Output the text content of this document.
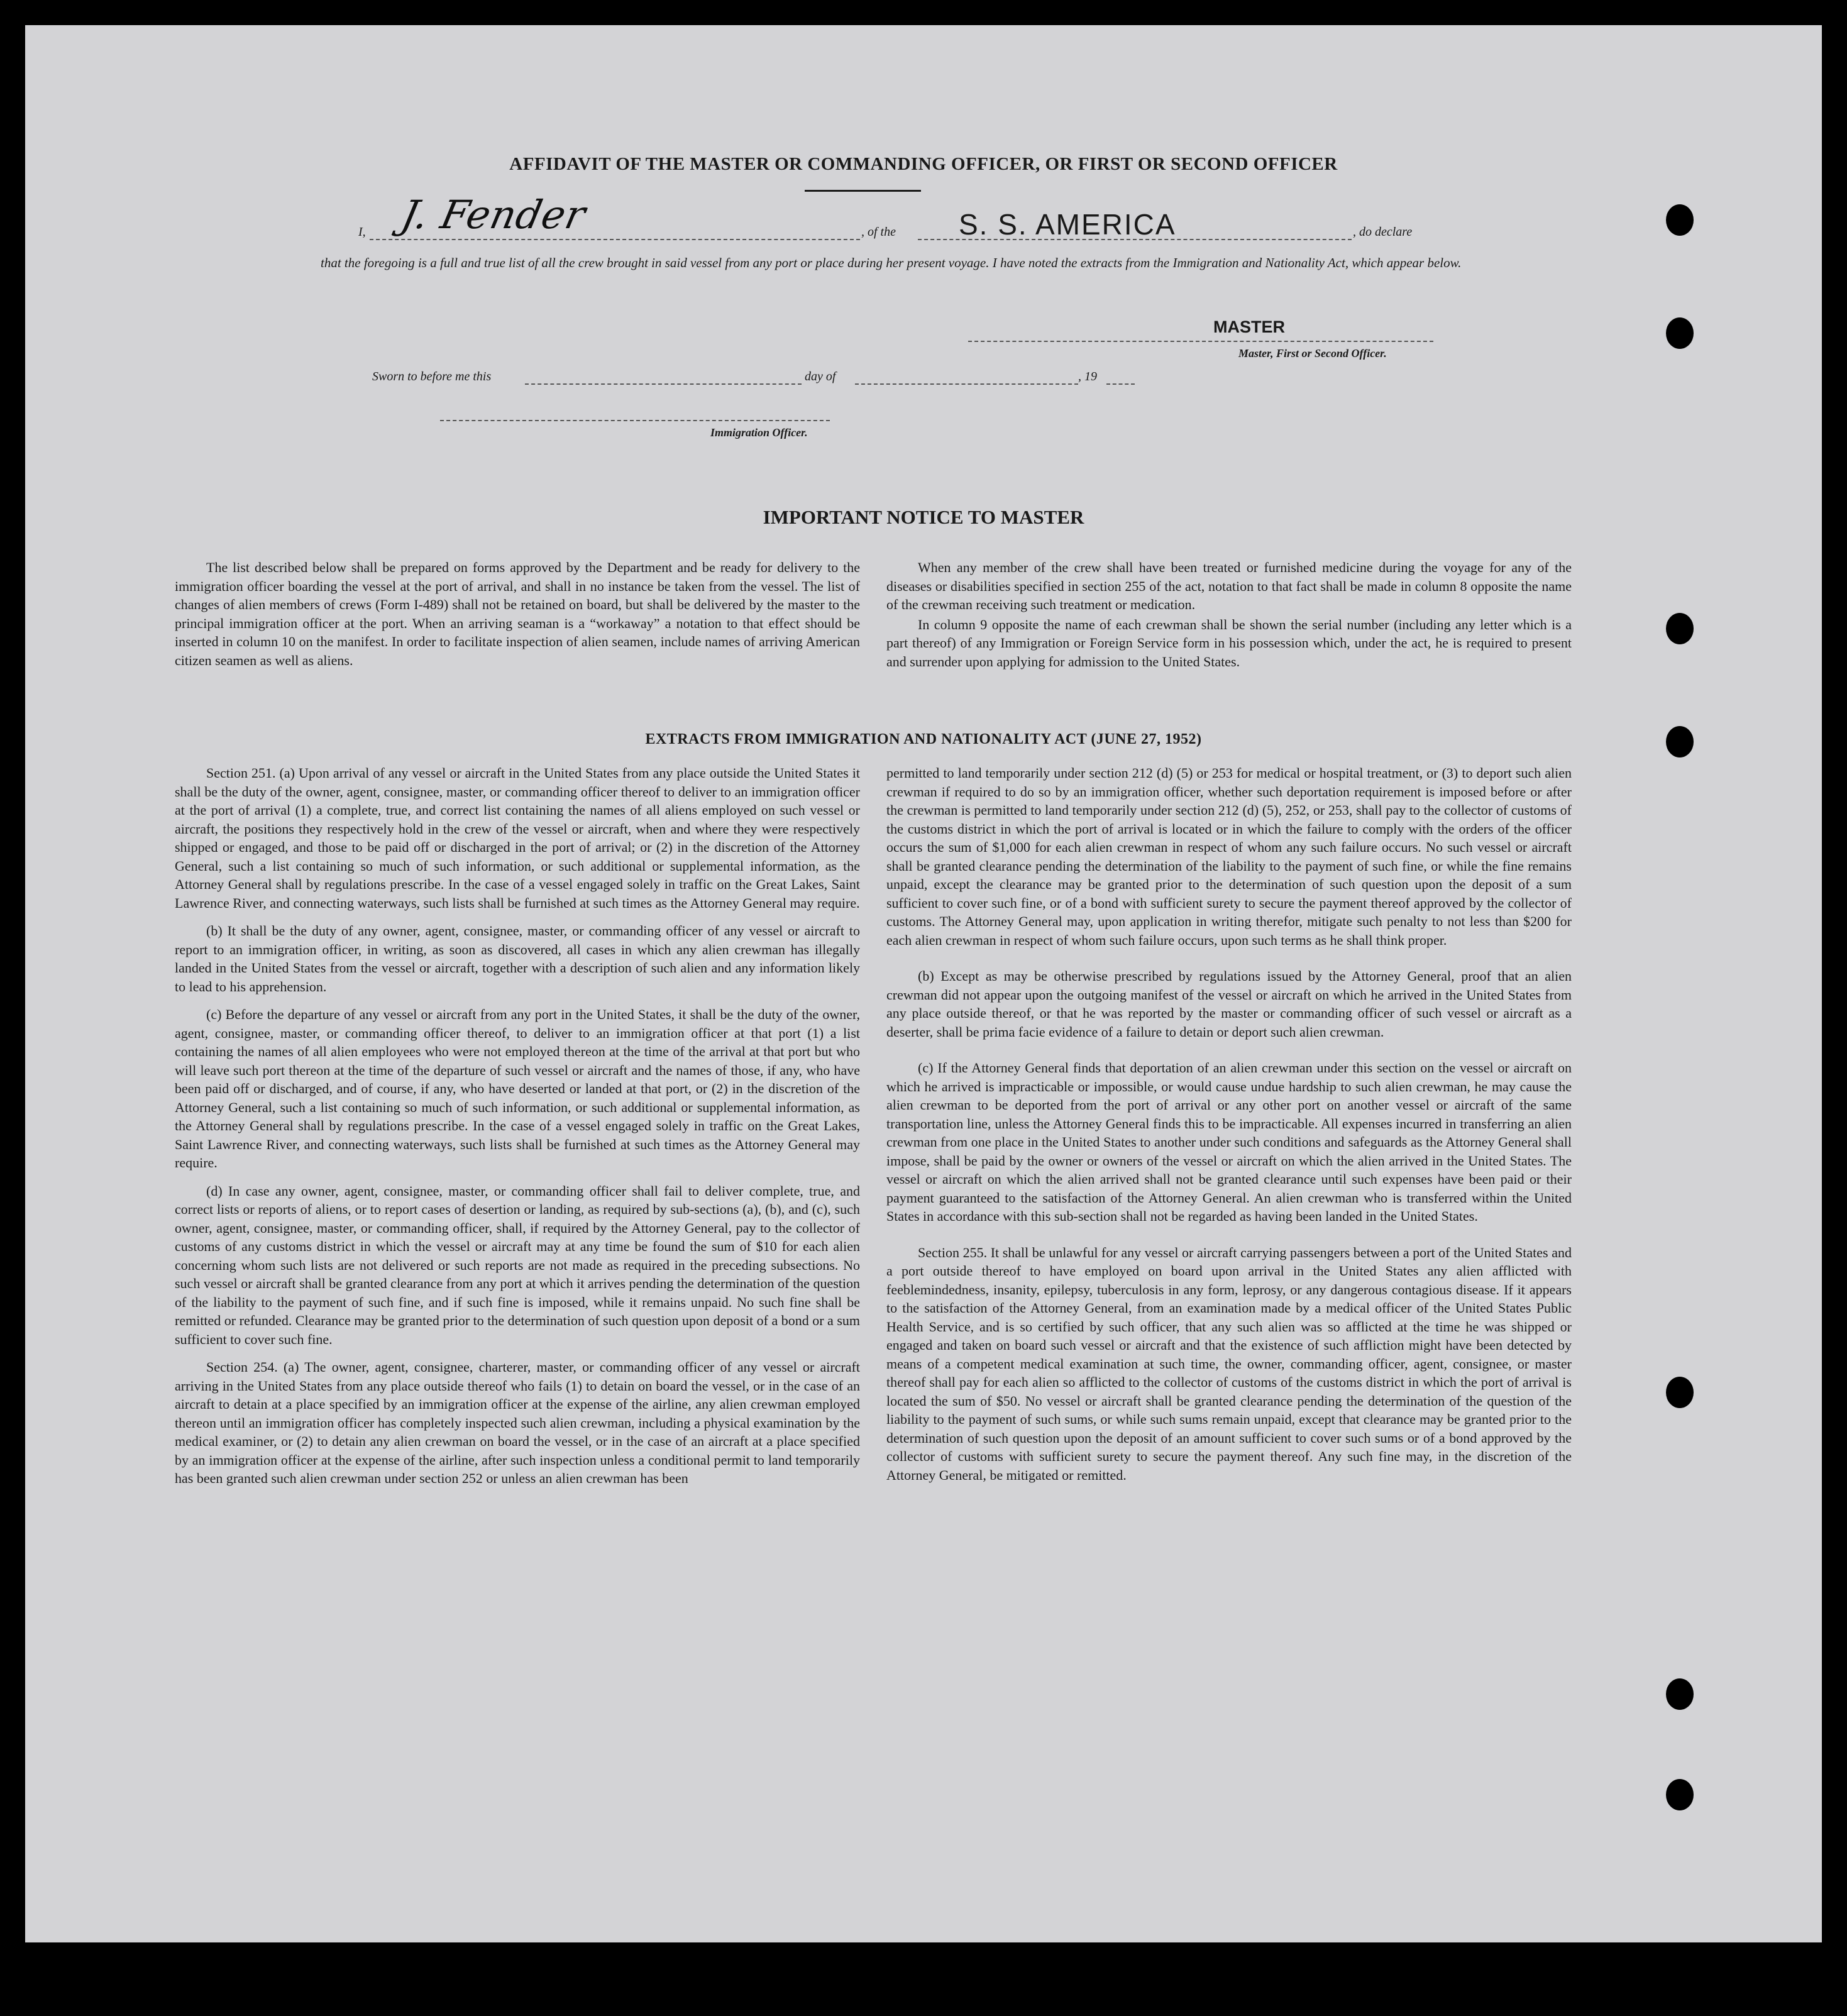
AFFIDAVIT OF THE MASTER OR COMMANDING OFFICER, OR FIRST OR SECOND OFFICER
I, J. Fender	, of the S. S. AMERICA	, do declare
that the foregoing is a full and true list of all the crew brought in said vessel from any port or place during her present voyage. I have noted the extracts from the Immigration and Nationality Act, which appear below.
MASTER
Master, First or Second Officer.
Sworn to before me this	day of	, 19
Immigration Officer.
IMPORTANT NOTICE TO MASTER

The list described below shall be prepared on forms approved by the Department and be ready for delivery to the immigration officer boarding the vessel at the port of arrival, and shall in no instance be taken from the vessel. The list of changes of alien members of crews (Form I-489) shall not be retained on board, but shall be delivered by the master to the principal immigration officer at the port. When an arriving seaman is a “workaway” a notation to that effect should be inserted in column 10 on the manifest. In order to facilitate inspection of alien seamen, include names of arriving American citizen seamen as well as aliens.

When any member of the crew shall have been treated or furnished medicine during the voyage for any of the diseases or disabilities specified in section 255 of the act, notation to that fact shall be made in column 8 opposite the name of the crewman receiving such treatment or medication.

In column 9 opposite the name of each crewman shall be shown the serial number (including any letter which is a part thereof) of any Immigration or Foreign Service form in his possession which, under the act, he is required to present and surrender upon applying for admission to the United States.

EXTRACTS FROM IMMIGRATION AND NATIONALITY ACT (JUNE 27, 1952)

Section 251. (a) Upon arrival of any vessel or aircraft in the United States from any place outside the United States it shall be the duty of the owner, agent, consignee, master, or commanding officer thereof to deliver to an immigration officer at the port of arrival (1) a complete, true, and correct list containing the names of all aliens employed on such vessel or aircraft, the positions they respectively hold in the crew of the vessel or aircraft, when and where they were respectively shipped or engaged, and those to be paid off or discharged in the port of arrival; or (2) in the discretion of the Attorney General, such a list containing so much of such information, or such additional or supplemental information, as the Attorney General shall by regulations prescribe. In the case of a vessel engaged solely in traffic on the Great Lakes, Saint Lawrence River, and connecting waterways, such lists shall be furnished at such times as the Attorney General may require.

(b) It shall be the duty of any owner, agent, consignee, master, or commanding officer of any vessel or aircraft to report to an immigration officer, in writing, as soon as discovered, all cases in which any alien crewman has illegally landed in the United States from the vessel or aircraft, together with a description of such alien and any information likely to lead to his apprehension.

(c) Before the departure of any vessel or aircraft from any port in the United States, it shall be the duty of the owner, agent, consignee, master, or commanding officer thereof, to deliver to an immigration officer at that port (1) a list containing the names of all alien employees who were not employed thereon at the time of the arrival at that port but who will leave such port thereon at the time of the departure of such vessel or aircraft and the names of those, if any, who have been paid off or discharged, and of course, if any, who have deserted or landed at that port, or (2) in the discretion of the Attorney General, such a list containing so much of such information, or such additional or supplemental information, as the Attorney General shall by regulations prescribe. In the case of a vessel engaged solely in traffic on the Great Lakes, Saint Lawrence River, and connecting waterways, such lists shall be furnished at such times as the Attorney General may require.

(d) In case any owner, agent, consignee, master, or commanding officer shall fail to deliver complete, true, and correct lists or reports of aliens, or to report cases of desertion or landing, as required by sub-sections (a), (b), and (c), such owner, agent, consignee, master, or commanding officer, shall, if required by the Attorney General, pay to the collector of customs of any customs district in which the vessel or aircraft may at any time be found the sum of $10 for each alien concerning whom such lists are not delivered or such reports are not made as required in the preceding subsections. No such vessel or aircraft shall be granted clearance from any port at which it arrives pending the determination of the question of the liability to the payment of such fine, and if such fine is imposed, while it remains unpaid. No such fine shall be remitted or refunded. Clearance may be granted prior to the determination of such question upon deposit of a bond or a sum sufficient to cover such fine.

Section 254. (a) The owner, agent, consignee, charterer, master, or commanding officer of any vessel or aircraft arriving in the United States from any place outside thereof who fails (1) to detain on board the vessel, or in the case of an aircraft to detain at a place specified by an immigration officer at the expense of the airline, any alien crewman employed thereon until an immigration officer has completely inspected such alien crewman, including a physical examination by the medical examiner, or (2) to detain any alien crewman on board the vessel, or in the case of an aircraft at a place specified by an immigration officer at the expense of the airline, after such inspection unless a conditional permit to land temporarily has been granted such alien crewman under section 252 or unless an alien crewman has been

permitted to land temporarily under section 212 (d) (5) or 253 for medical or hospital treatment, or (3) to deport such alien crewman if required to do so by an immigration officer, whether such deportation requirement is imposed before or after the crewman is permitted to land temporarily under section 212 (d) (5), 252, or 253, shall pay to the collector of customs of the customs district in which the port of arrival is located or in which the failure to comply with the orders of the officer occurs the sum of $1,000 for each alien crewman in respect of whom any such failure occurs. No such vessel or aircraft shall be granted clearance pending the determination of the liability to the payment of such fine, or while the fine remains unpaid, except the clearance may be granted prior to the determination of such question upon the deposit of a sum sufficient to cover such fine, or of a bond with sufficient surety to secure the payment thereof approved by the collector of customs. The Attorney General may, upon application in writing therefor, mitigate such penalty to not less than $200 for each alien crewman in respect of whom such failure occurs, upon such terms as he shall think proper.

(b) Except as may be otherwise prescribed by regulations issued by the Attorney General, proof that an alien crewman did not appear upon the outgoing manifest of the vessel or aircraft on which he arrived in the United States from any place outside thereof, or that he was reported by the master or commanding officer of such vessel or aircraft as a deserter, shall be prima facie evidence of a failure to detain or deport such alien crewman.

(c) If the Attorney General finds that deportation of an alien crewman under this section on the vessel or aircraft on which he arrived is impracticable or impossible, or would cause undue hardship to such alien crewman, he may cause the alien crewman to be deported from the port of arrival or any other port on another vessel or aircraft of the same transportation line, unless the Attorney General finds this to be impracticable. All expenses incurred in transferring an alien crewman from one place in the United States to another under such conditions and safeguards as the Attorney General shall impose, shall be paid by the owner or owners of the vessel or aircraft on which the alien arrived in the United States. The vessel or aircraft on which the alien arrived shall not be granted clearance until such expenses have been paid or their payment guaranteed to the satisfaction of the Attorney General. An alien crewman who is transferred within the United States in accordance with this sub-section shall not be regarded as having been landed in the United States.

Section 255. It shall be unlawful for any vessel or aircraft carrying passengers between a port of the United States and a port outside thereof to have employed on board upon arrival in the United States any alien afflicted with feeblemindedness, insanity, epilepsy, tuberculosis in any form, leprosy, or any dangerous contagious disease. If it appears to the satisfaction of the Attorney General, from an examination made by a medical officer of the United States Public Health Service, and is so certified by such officer, that any such alien was so afflicted at the time he was shipped or engaged and taken on board such vessel or aircraft and that the existence of such affliction might have been detected by means of a competent medical examination at such time, the owner, commanding officer, agent, consignee, or master thereof shall pay for each alien so afflicted to the collector of customs of the customs district in which the port of arrival is located the sum of $50. No vessel or aircraft shall be granted clearance pending the determination of the question of the liability to the payment of such sums, or while such sums remain unpaid, except that clearance may be granted prior to the determination of such question upon the deposit of an amount sufficient to cover such sums or of a bond approved by the collector of customs with sufficient surety to secure the payment thereof. Any such fine may, in the discretion of the Attorney General, be mitigated or remitted.
